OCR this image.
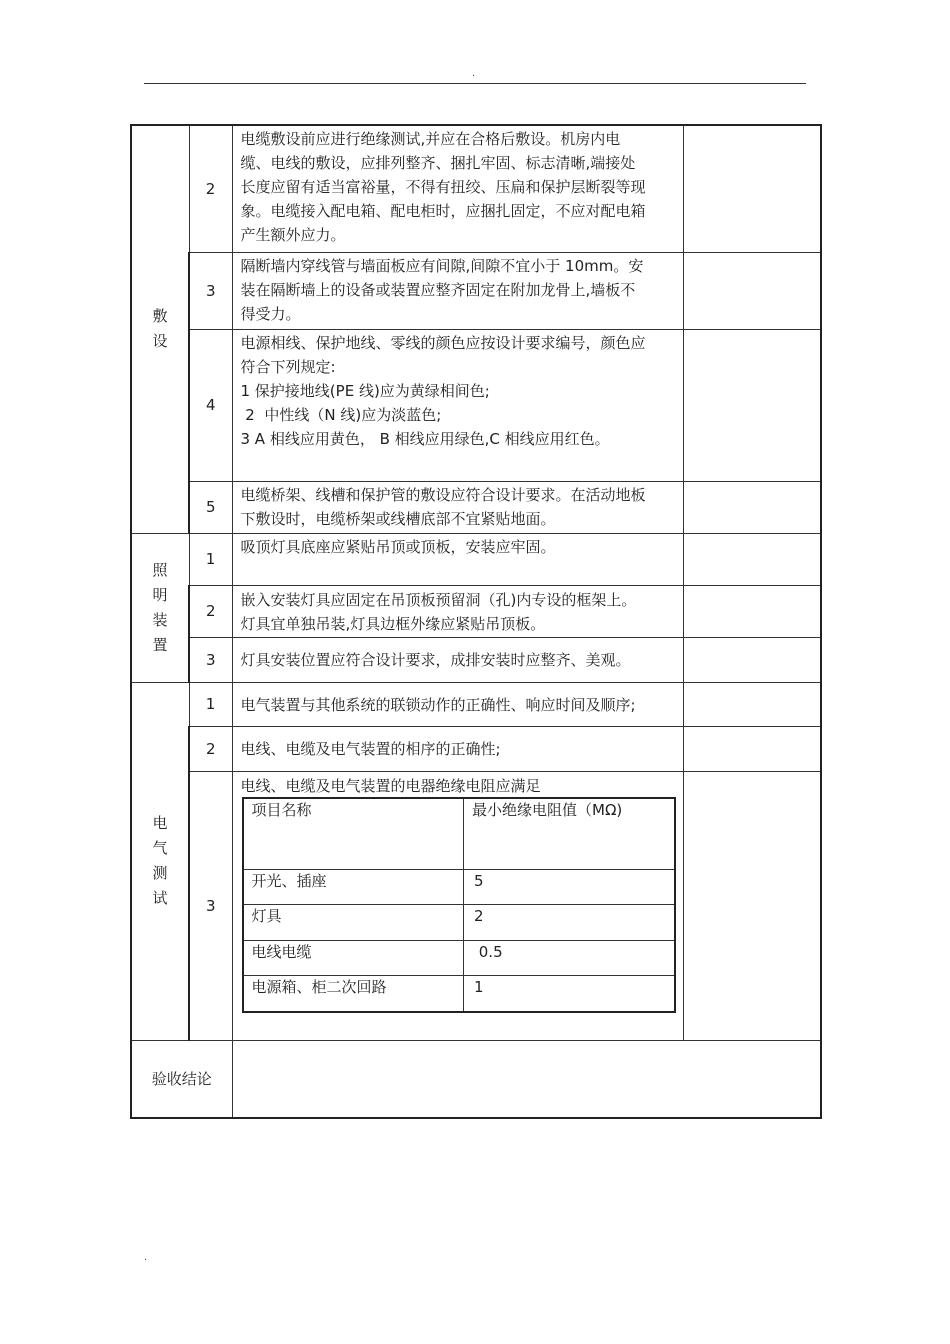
.
敷设	2	
电缆敷设前应进行绝缘测试,并应在合格后敷设。机房内电
缆、电线的敷设，应排列整齐、捆扎牢固、标志清晰,端接处
长度应留有适当富裕量，不得有扭绞、压扁和保护层断裂等现
象。电缆接入配电箱、配电柜时，应捆扎固定，不应对配电箱
产生额外应力。

3	
隔断墙内穿线管与墙面板应有间隙,间隙不宜小于 10mm。安
装在隔断墙上的设备或装置应整齐固定在附加龙骨上,墙板不
得受力。

4	
电源相线、保护地线、零线的颜色应按设计要求编号，颜色应
符合下列规定:
1 保护接地线(PE 线)应为黄绿相间色;
2  中性线（N 线)应为淡蓝色;
3 A 相线应用黄色， B 相线应用绿色,C 相线应用红色。

5	
电缆桥架、线槽和保护管的敷设应符合设计要求。在活动地板
下敷设时，电缆桥架或线槽底部不宜紧贴地面。

照明装置	1	
吸顶灯具底座应紧贴吊顶或顶板，安装应牢固。

2	
嵌入安装灯具应固定在吊顶板预留洞（孔)内专设的框架上。
灯具宜单独吊装,灯具边框外缘应紧贴吊顶板。

3	灯具安装位置应符合设计要求，成排安装时应整齐、美观。

电气测试	1	电气装置与其他系统的联锁动作的正确性、响应时间及顺序;	
2	电线、电缆及电气装置的相序的正确性;	
3	
电线、电缆及电气装置的电器绝缘电阻应满足
项目名称	最小绝缘电阻值（MΩ)
开光、插座	5
灯具	2
电线电缆	0.5
电源箱、柜二次回路	1

验收结论	
.
